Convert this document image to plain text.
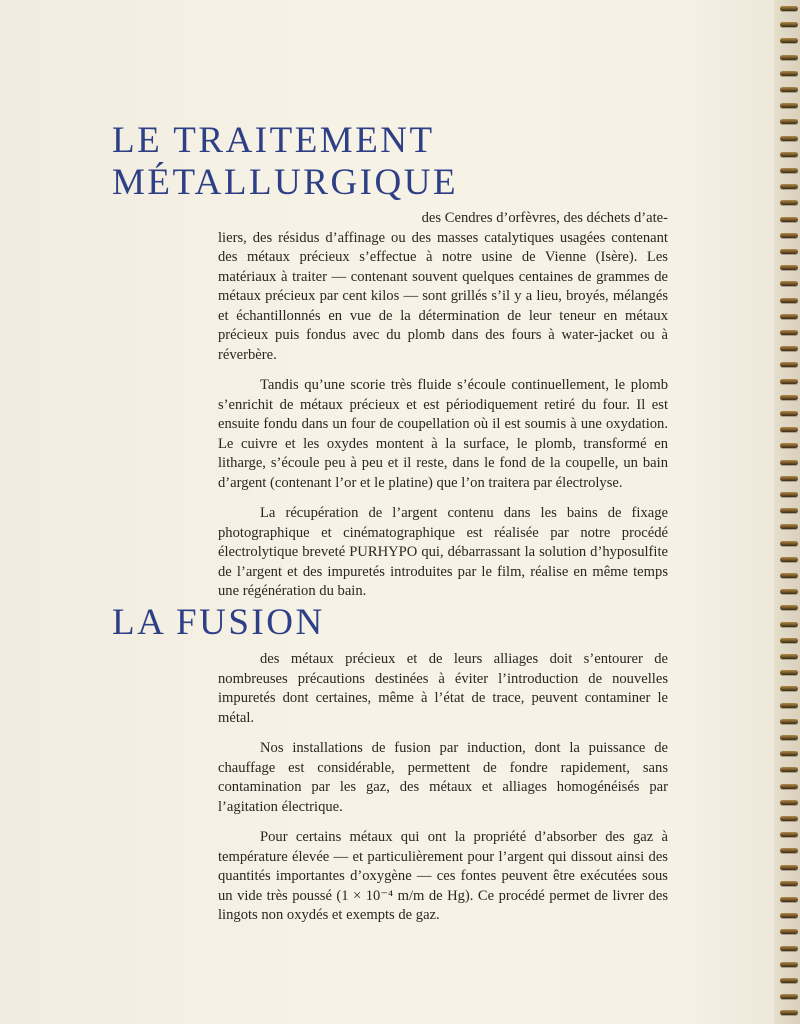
LE TRAITEMENT
MÉTALLURGIQUE

des Cendres d’orfèvres, des déchets d’ate-
liers, des résidus d’affinage ou des masses catalytiques usagées contenant des métaux précieux s’effectue à notre usine de Vienne (Isère). Les matériaux à traiter — contenant souvent quelques centaines de grammes de métaux précieux par cent kilos — sont grillés s’il y a lieu, broyés, mélangés et échantillonnés en vue de la détermination de leur teneur en métaux précieux puis fondus avec du plomb dans des fours à water-jacket ou à réverbère.

Tandis qu’une scorie très fluide s’écoule continuellement, le plomb s’enrichit de métaux précieux et est périodiquement retiré du four. Il est ensuite fondu dans un four de coupellation où il est soumis à une oxydation. Le cuivre et les oxydes montent à la surface, le plomb, transformé en litharge, s’écoule peu à peu et il reste, dans le fond de la coupelle, un bain d’argent (contenant l’or et le platine) que l’on traitera par électrolyse.

La récupération de l’argent contenu dans les bains de fixage photographique et cinématographique est réalisée par notre procédé électrolytique breveté PURHYPO qui, débarrassant la solution d’hyposulfite de l’argent et des impuretés introduites par le film, réalise en même temps une régénération du bain.

LA FUSION

des métaux précieux et de leurs alliages doit s’entourer de nombreuses précautions destinées à éviter l’introduction de nouvelles impuretés dont certaines, même à l’état de trace, peuvent contaminer le métal.

Nos installations de fusion par induction, dont la puissance de chauffage est considérable, permettent de fondre rapidement, sans contamination par les gaz, des métaux et alliages homogénéisés par l’agitation électrique.

Pour certains métaux qui ont la propriété d’absorber des gaz à température élevée — et particulièrement pour l’argent qui dissout ainsi des quantités importantes d’oxygène — ces fontes peuvent être exécutées sous un vide très poussé (1 × 10⁻⁴ m/m de Hg). Ce procédé permet de livrer des lingots non oxydés et exempts de gaz.
